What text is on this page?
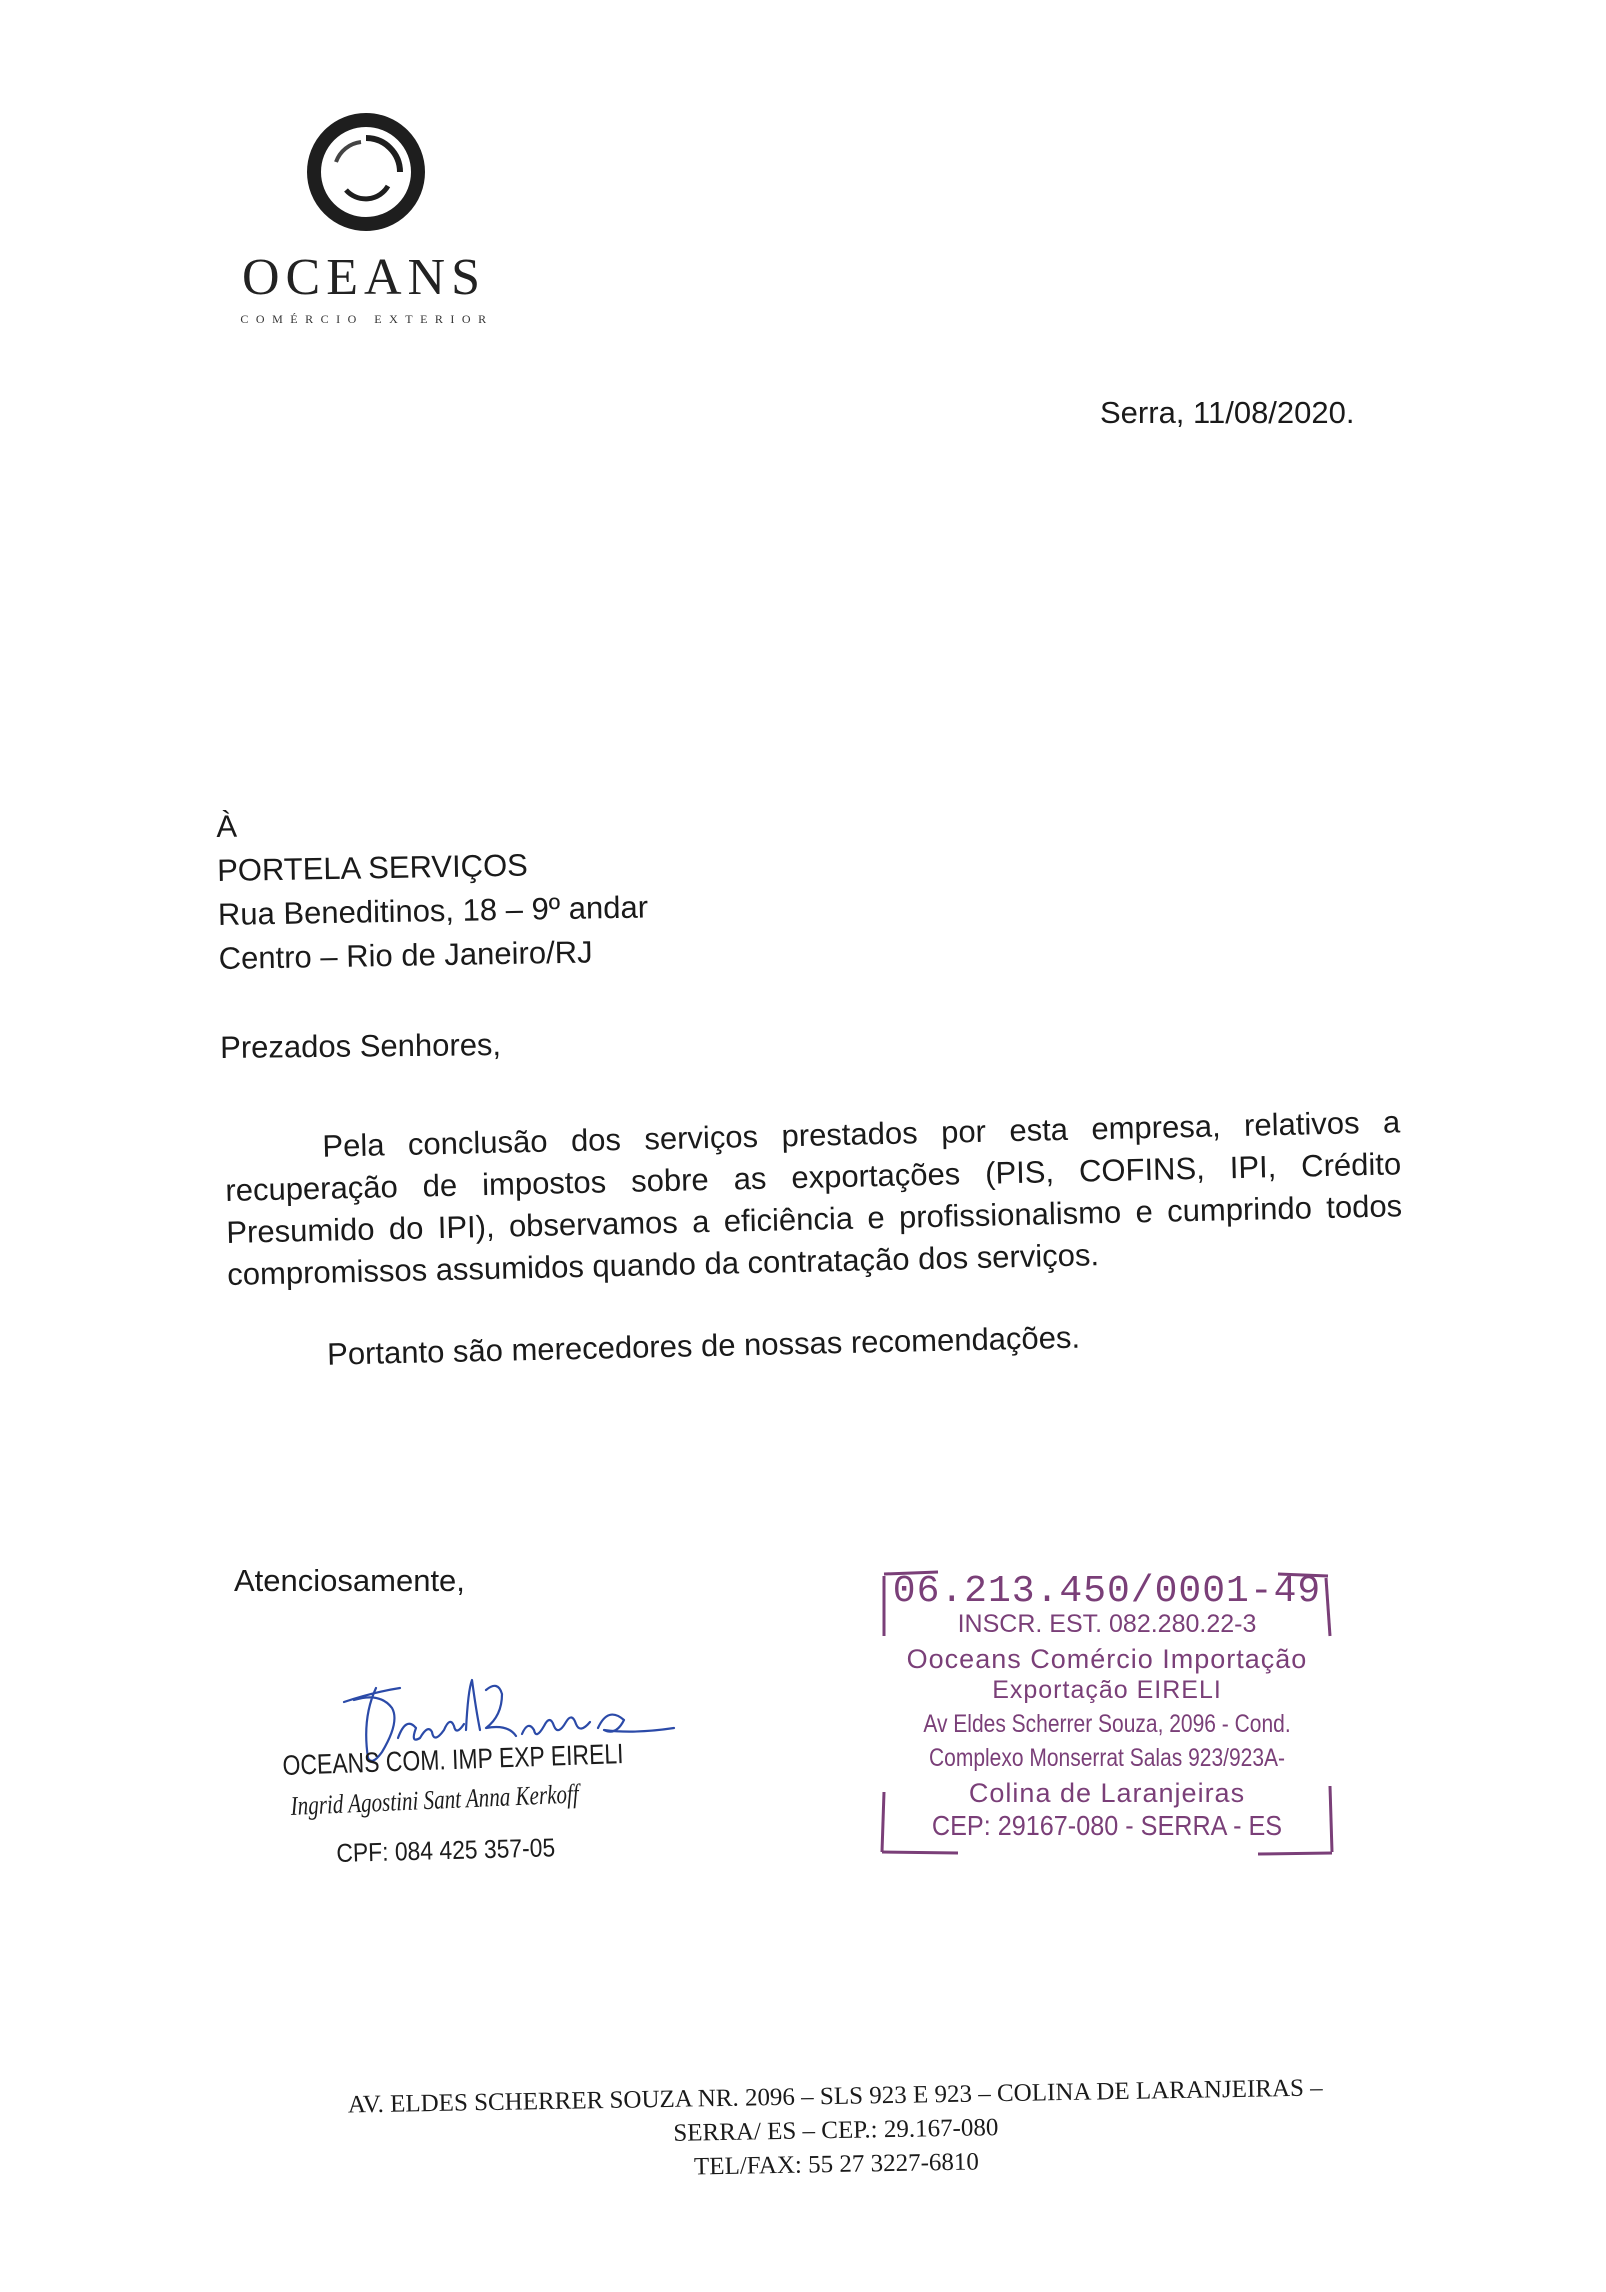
OCEANS
COMÉRCIO EXTERIOR
Serra, 11/08/2020.
À
PORTELA SERVIÇOS
Rua Beneditinos, 18 – 9º andar
Centro – Rio de Janeiro/RJ
Prezados Senhores,

Pela conclusão dos serviços prestados por esta empresa, relativos a recuperação de impostos sobre as exportações (PIS, COFINS, IPI, Crédito Presumido do IPI), observamos a eficiência e profissionalismo e cumprindo todos compromissos assumidos quando da contratação dos serviços.

Portanto são merecedores de nossas recomendações.

Atenciosamente,
OCEANS COM. IMP EXP EIRELI
Ingrid Agostini Sant Anna Kerkoff
CPF: 084 425 357-05
06.213.450/0001-49
INSCR. EST. 082.280.22-3
Ooceans Comércio Importação
Exportação EIRELI
Av Eldes Scherrer Souza, 2096 - Cond.
Complexo Monserrat Salas 923/923A-
Colina de Laranjeiras
CEP: 29167-080 - SERRA - ES
AV. ELDES SCHERRER SOUZA NR. 2096 – SLS 923 E 923 – COLINA DE LARANJEIRAS –
SERRA/ ES – CEP.: 29.167-080
TEL/FAX: 55 27 3227-6810
